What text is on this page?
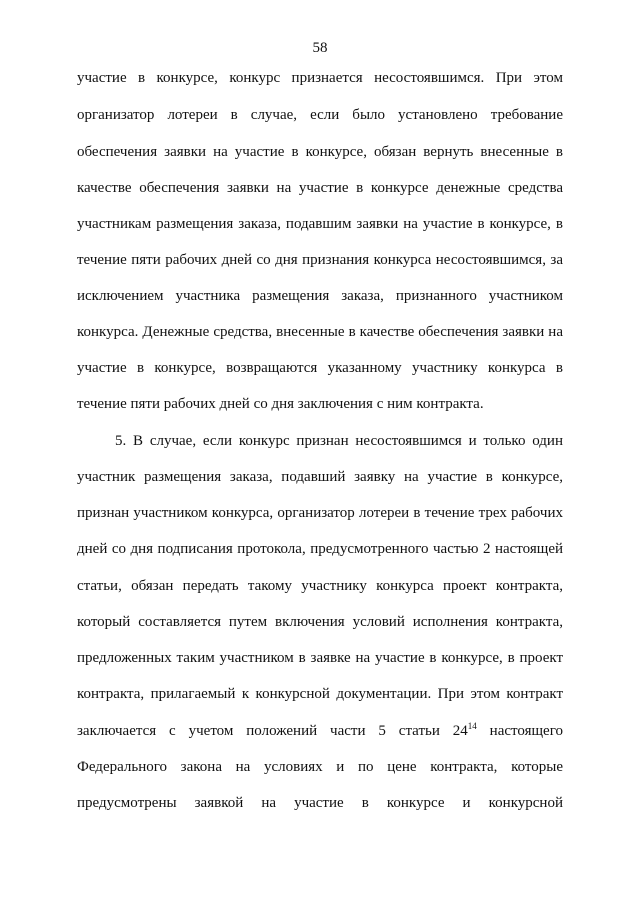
58
участие в конкурсе, конкурс признается несостоявшимся. При этом
организатор лотереи в случае, если было установлено требование
обеспечения заявки на участие в конкурсе, обязан вернуть внесенные в
качестве обеспечения заявки на участие в конкурсе денежные средства
участникам размещения заказа, подавшим заявки на участие в конкурсе, в
течение пяти рабочих дней со дня признания конкурса несостоявшимся, за
исключением участника размещения заказа, признанного участником
конкурса. Денежные средства, внесенные в качестве обеспечения заявки на
участие в конкурсе, возвращаются указанному участнику конкурса в
течение пяти рабочих дней со дня заключения с ним контракта.
5. В случае, если конкурс признан несостоявшимся и только один
участник размещения заказа, подавший заявку на участие в конкурсе,
признан участником конкурса, организатор лотереи в течение трех рабочих
дней со дня подписания протокола, предусмотренного частью 2 настоящей
статьи, обязан передать такому участнику конкурса проект контракта,
который составляется путем включения условий исполнения контракта,
предложенных таким участником в заявке на участие в конкурсе, в проект
контракта, прилагаемый к конкурсной документации. При этом контракт
заключается с учетом положений части 5 статьи $24^{14}$ настоящего
Федерального закона на условиях и по цене контракта, которые
предусмотрены заявкой на участие в конкурсе и конкурсной
